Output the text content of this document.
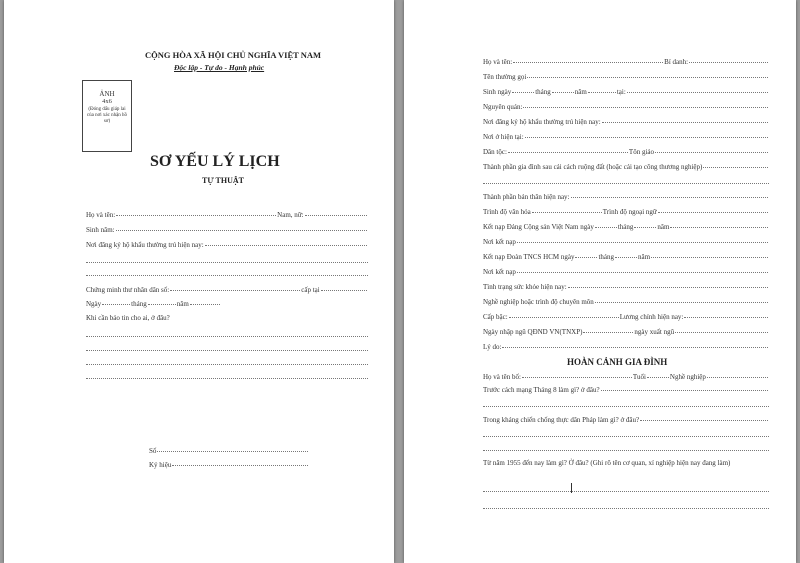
CỘNG HÒA XÃ HỘI CHỦ NGHĨA VIỆT NAM
Độc lập - Tự do - Hạnh phúc
ẢNH
4x6
(Đóng dấu giáp lai của nơi xác nhận hồ sơ)
SƠ YẾU LÝ LỊCH
TỰ THUẬT
Họ và tên:	Nam, nữ:
Sinh năm:
Nơi đăng ký hộ khẩu thường trú hiện nay:
Chứng minh thư nhân dân số:	cấp tại
Ngày	tháng	năm
Khi cần báo tin cho ai, ở đâu?
Số
Ký hiệu
Họ và tên:	Bí danh:
Tên thường gọi
Sinh ngày	tháng	năm	tại:
Nguyên quán:
Nơi đăng ký hộ khẩu thường trú hiện nay:
Nơi ở hiện tại:
Dân tộc:	Tôn giáo
Thành phần gia đình sau cải cách ruộng đất (hoặc cải tạo công thương nghiệp)
Thành phần bản thân hiện nay:
Trình độ văn hóa	Trình độ ngoại ngữ
Kết nạp Đảng Cộng sản Việt Nam ngày	tháng	năm
Nơi kết nạp
Kết nạp Đoàn TNCS HCM ngày	tháng	năm
Nơi kết nạp
Tình trạng sức khỏe hiện nay:
Nghề nghiệp hoặc trình độ chuyên môn
Cấp bậc:	Lương chính hiện nay:
Ngày nhập ngũ QĐND VN(TNXP)	ngày xuất ngũ
Lý do:
HOÀN CẢNH GIA ĐÌNH
Họ và tên bố:	Tuổi	Nghề nghiệp
Trước cách mạng Tháng 8 làm gì? ở đâu?
Trong kháng chiến chống thực dân Pháp làm gì? ở đâu?
Từ năm 1955 đến nay làm gì? Ở đâu? (Ghi rõ tên cơ quan, xí nghiệp hiện nay đang làm)
